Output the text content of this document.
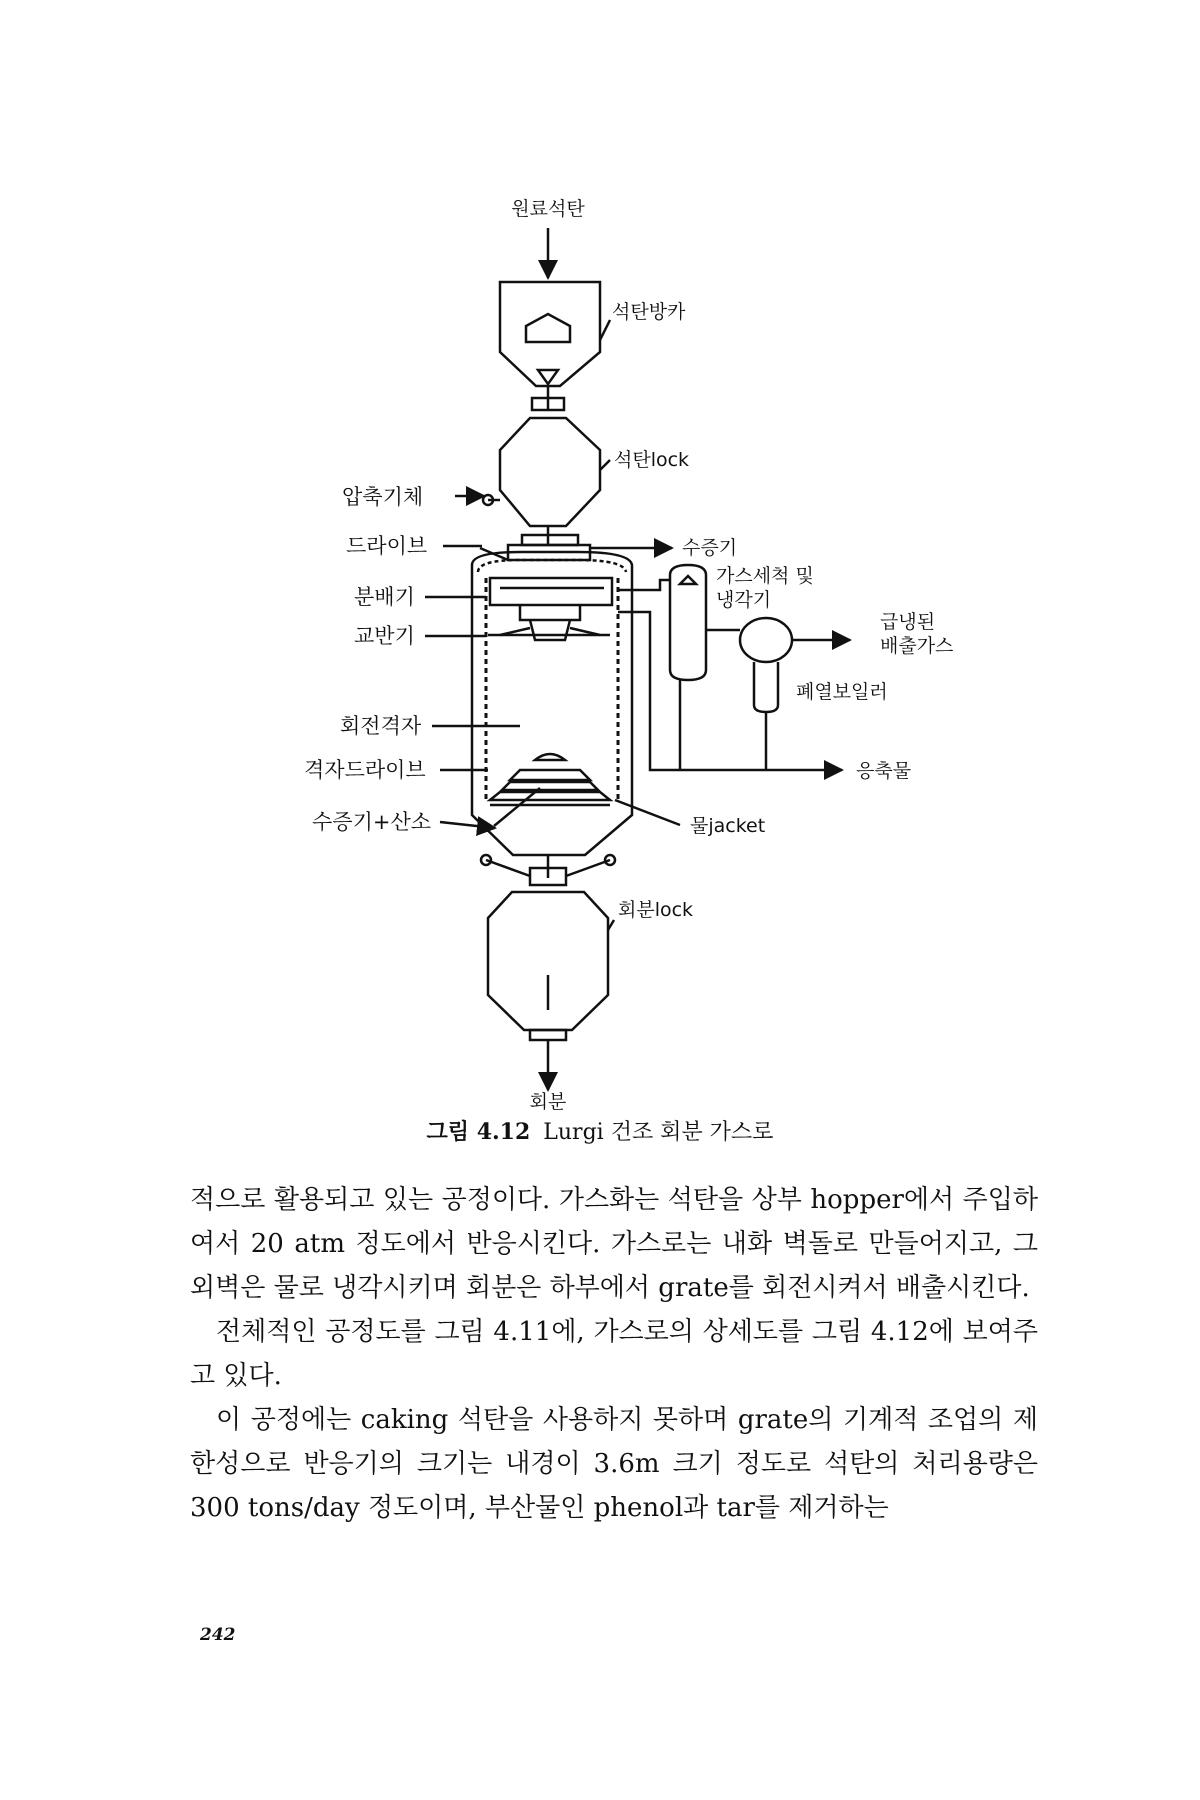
원료석탄
석탄방카
석탄lock
압축기체
드라이브
분배기
교반기
회전격자
격자드라이브
수증기+산소
수증기
가스세척 및
냉각기
급냉된
배출가스
폐열보일러
응축물
물jacket
회분lock
회분
그림 4.12 Lurgi 건조 회분 가스로

적으로 활용되고 있는 공정이다. 가스화는 석탄을 상부 hopper에서 주입하여서 20 atm 정도에서 반응시킨다. 가스로는 내화 벽돌로 만들어지고, 그 외벽은 물로 냉각시키며 회분은 하부에서 grate를 회전시켜서 배출시킨다.

전체적인 공정도를 그림 4.11에, 가스로의 상세도를 그림 4.12에 보여주고 있다.

이 공정에는 caking 석탄을 사용하지 못하며 grate의 기계적 조업의 제한성으로 반응기의 크기는 내경이 3.6m 크기 정도로 석탄의 처리용량은 300 tons/day 정도이며, 부산물인 phenol과 tar를 제거하는

242
